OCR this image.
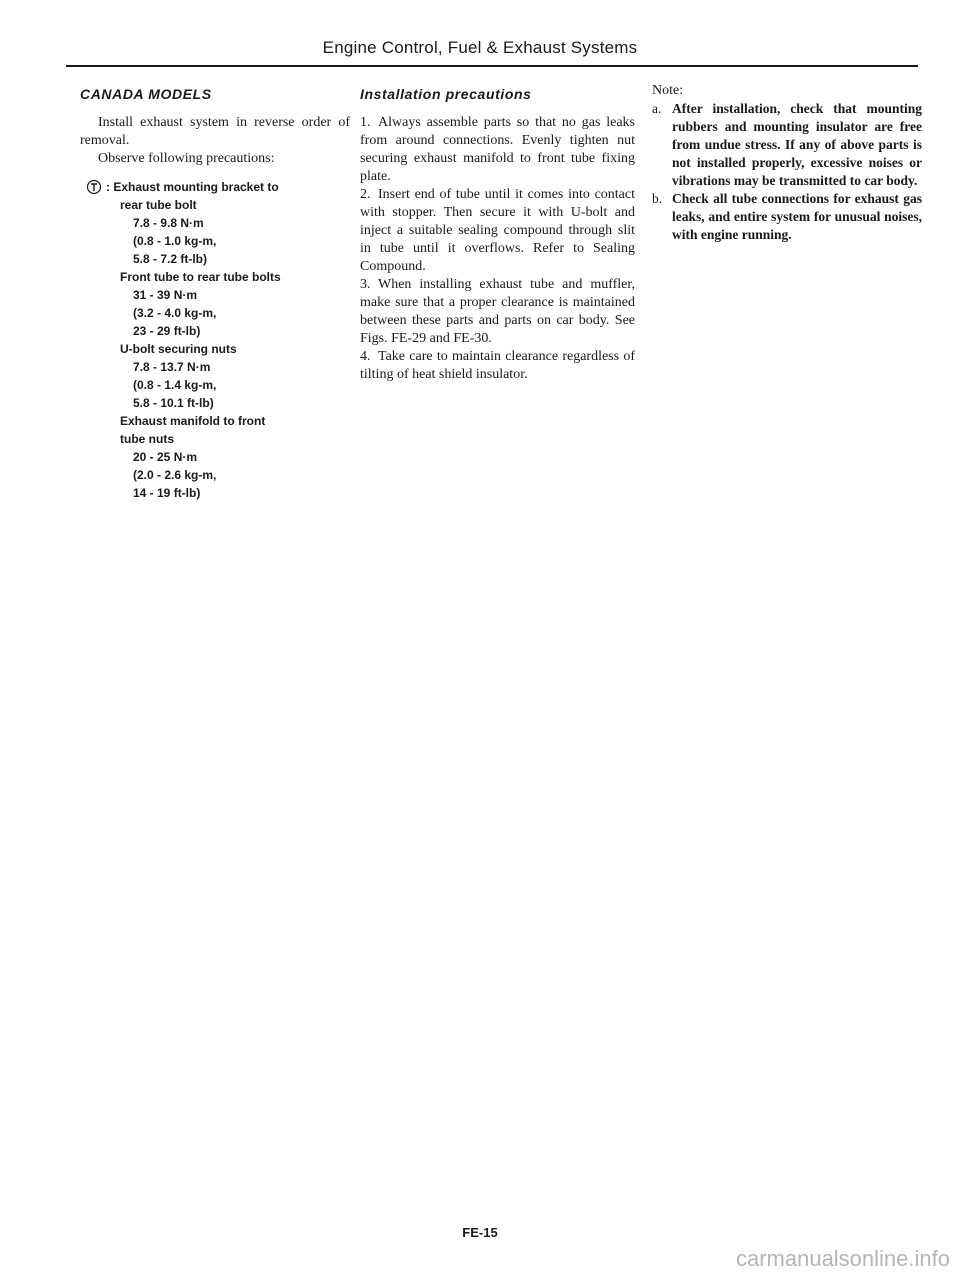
Engine Control, Fuel & Exhaust Systems
CANADA MODELS

Install exhaust system in reverse order of removal.

Observe following precautions:

: Exhaust mounting bracket to
rear tube bolt
7.8 - 9.8 N·m
(0.8 - 1.0 kg-m,
5.8 - 7.2 ft-lb)
Front tube to rear tube bolts
31 - 39 N·m
(3.2 - 4.0 kg-m,
23 - 29 ft-lb)
U-bolt securing nuts
7.8 - 13.7 N·m
(0.8 - 1.4 kg-m,
5.8 - 10.1 ft-lb)
Exhaust manifold to front
tube nuts
20 - 25 N·m
(2.0 - 2.6 kg-m,
14 - 19 ft-lb)
Installation precautions

1. Always assemble parts so that no gas leaks from around connections. Evenly tighten nut securing exhaust manifold to front tube fixing plate.

2. Insert end of tube until it comes into contact with stopper. Then secure it with U-bolt and inject a suitable sealing compound through slit in tube until it overflows. Refer to Sealing Compound.

3. When installing exhaust tube and muffler, make sure that a proper clearance is maintained between these parts and parts on car body. See Figs. FE-29 and FE-30.

4. Take care to maintain clearance regardless of tilting of heat shield insulator.

Note:

a. After installation, check that mounting rubbers and mounting insulator are free from undue stress. If any of above parts is not installed properly, excessive noises or vibrations may be transmitted to car body.
b. Check all tube connections for exhaust gas leaks, and entire system for unusual noises, with engine running.
FE-15
carmanualsonline.info
